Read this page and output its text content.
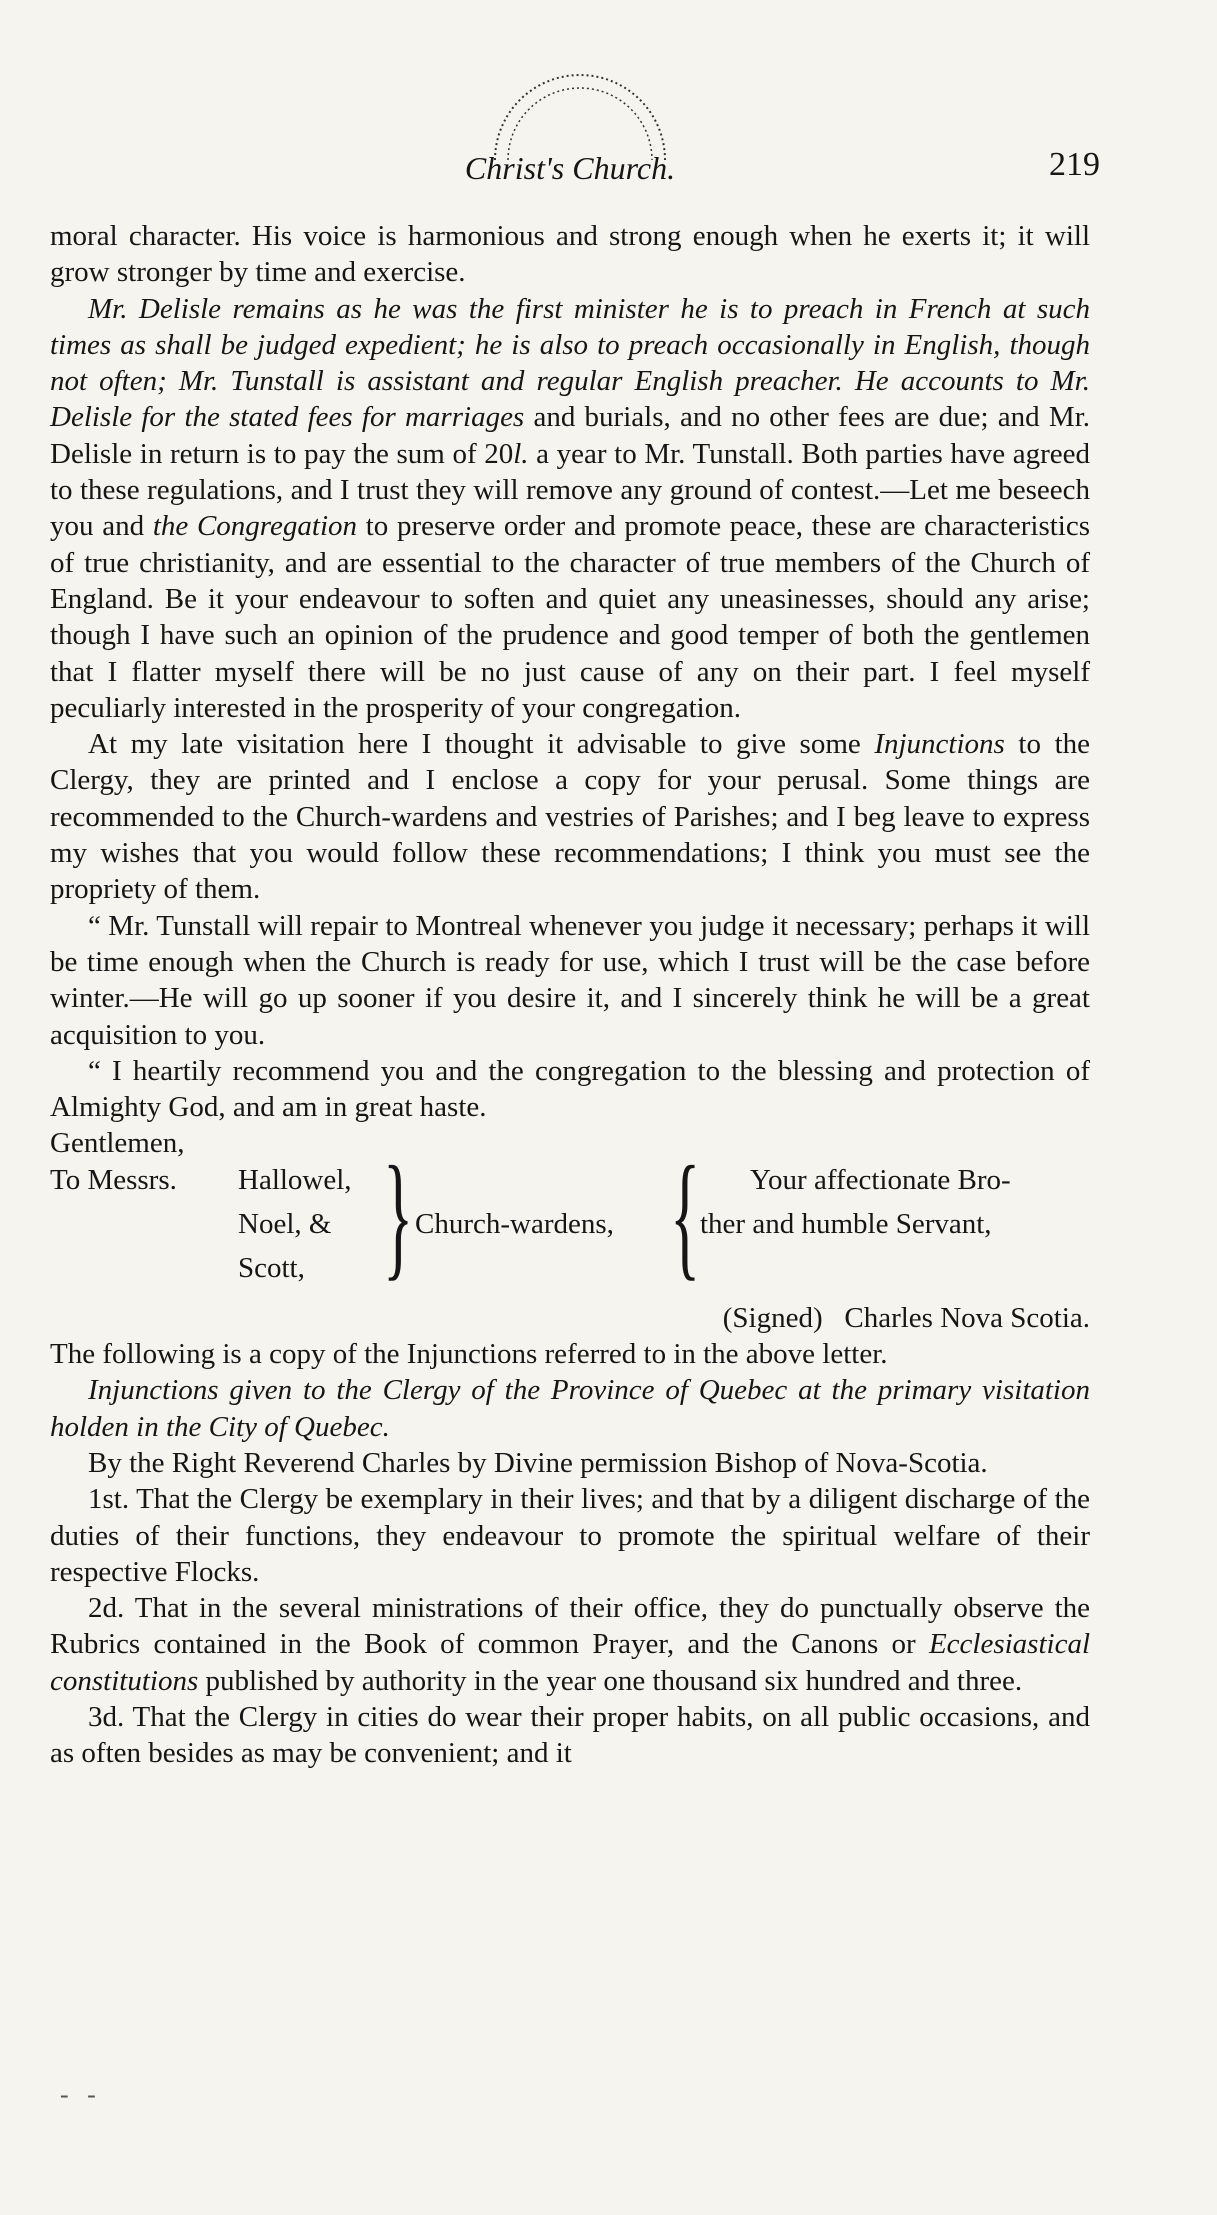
Christ's Church.	219

moral character. His voice is harmonious and strong enough when he exerts it; it will grow stronger by time and exercise.

Mr. Delisle remains as he was the first minister he is to preach in French at such times as shall be judged expedient; he is also to preach occasionally in English, though not often; Mr. Tunstall is assistant and regular English preacher. He accounts to Mr. Delisle for the stated fees for marriages and burials, and no other fees are due; and Mr. Delisle in return is to pay the sum of 20l. a year to Mr. Tunstall. Both parties have agreed to these regulations, and I trust they will remove any ground of contest.—Let me beseech you and the Congregation to preserve order and promote peace, these are characteristics of true christianity, and are essential to the character of true members of the Church of England. Be it your endeavour to soften and quiet any uneasinesses, should any arise; though I have such an opinion of the prudence and good temper of both the gentlemen that I flatter myself there will be no just cause of any on their part. I feel myself peculiarly interested in the prosperity of your congregation.

At my late visitation here I thought it advisable to give some Injunctions to the Clergy, they are printed and I enclose a copy for your perusal. Some things are recommended to the Church-wardens and vestries of Parishes; and I beg leave to express my wishes that you would follow these recommendations; I think you must see the propriety of them.

“ Mr. Tunstall will repair to Montreal whenever you judge it necessary; perhaps it will be time enough when the Church is ready for use, which I trust will be the case before winter.—He will go up sooner if you desire it, and I sincerely think he will be a great acquisition to you.

“ I heartily recommend you and the congregation to the blessing and protection of Almighty God, and am in great haste.

Gentlemen,

To Messrs. Hallowel,
Noel, &
Scott, } Church-wardens, { Your affectionate Bro-
ther and humble Servant,

(Signed) Charles Nova Scotia.

The following is a copy of the Injunctions referred to in the above letter.

Injunctions given to the Clergy of the Province of Quebec at the primary visitation holden in the City of Quebec.

By the Right Reverend Charles by Divine permission Bishop of Nova-Scotia.

1st. That the Clergy be exemplary in their lives; and that by a diligent discharge of the duties of their functions, they endeavour to promote the spiritual welfare of their respective Flocks.

2d. That in the several ministrations of their office, they do punctually observe the Rubrics contained in the Book of common Prayer, and the Canons or Ecclesiastical constitutions published by authority in the year one thousand six hundred and three.

3d. That the Clergy in cities do wear their proper habits, on all public occasions, and as often besides as may be convenient; and it

- -
